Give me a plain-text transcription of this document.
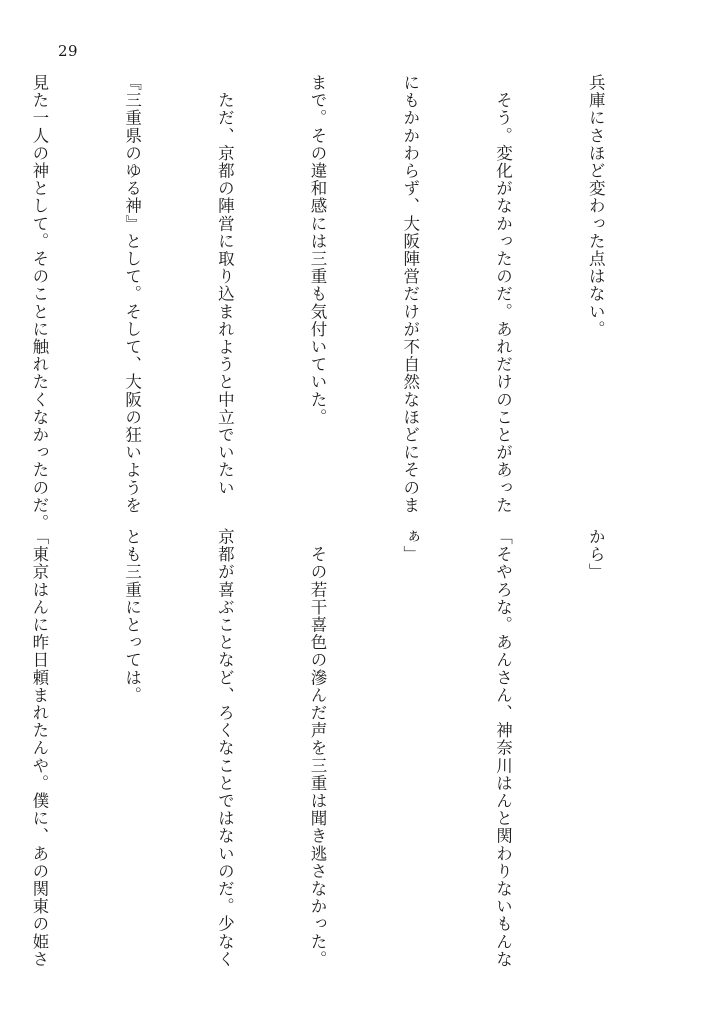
29

兵庫にさほど変わった点はない。

　そう。変化がなかったのだ。あれだけのことがあった

にもかかわらず、大阪陣営だけが不自然なほどにそのま

まで。その違和感には三重も気付いていた。

　ただ、京都の陣営に取り込まれようと中立でいたい

『三重県のゆる神』として。そして、大阪の狂いようを

見た一人の神として。そのことに触れたくなかったのだ。

から」

「そやろな。あんさん、神奈川はんと関わりないもんな

ぁ」

　その若干喜色の滲んだ声を三重は聞き逃さなかった。

京都が喜ぶことなど、ろくなことではないのだ。少なく

とも三重にとっては。

「東京はんに昨日頼まれたんや。僕に、あの関東の姫さ
